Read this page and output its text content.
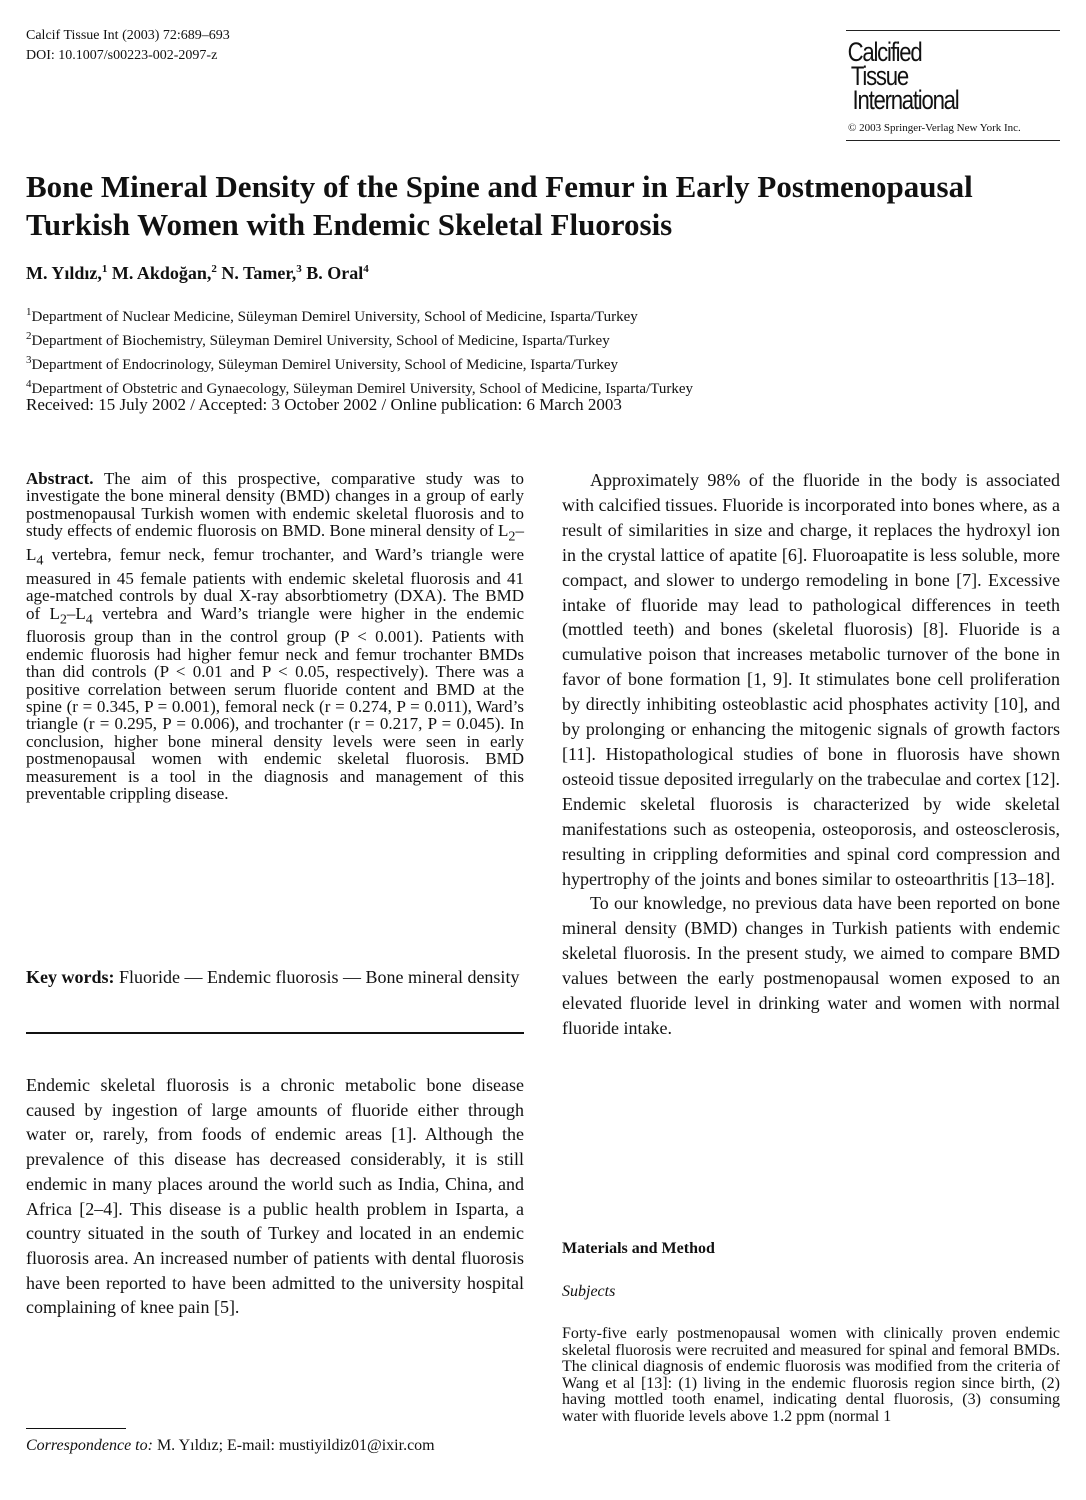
Calcif Tissue Int (2003) 72:689–693
DOI: 10.1007/s00223-002-2097-z	Calcified
Tissue
International
© 2003 Springer-Verlag New York Inc.
Bone Mineral Density of the Spine and Femur in Early Postmenopausal Turkish Women with Endemic Skeletal Fluorosis
M. Yıldız,$^1$ M. Akdoğan,$^2$ N. Tamer,$^3$ B. Oral$^4$
$^1$Department of Nuclear Medicine, Süleyman Demirel University, School of Medicine, Isparta/Turkey
$^2$Department of Biochemistry, Süleyman Demirel University, School of Medicine, Isparta/Turkey
$^3$Department of Endocrinology, Süleyman Demirel University, School of Medicine, Isparta/Turkey
$^4$Department of Obstetric and Gynaecology, Süleyman Demirel University, School of Medicine, Isparta/Turkey
Received: 15 July 2002 / Accepted: 3 October 2002 / Online publication: 6 March 2003
Abstract. The aim of this prospective, comparative study was to investigate the bone mineral density (BMD) changes in a group of early postmenopausal Turkish women with endemic skeletal fluorosis and to study effects of endemic fluorosis on BMD. Bone mineral density of $L_2-L_4$ vertebra, femur neck, femur trochanter, and Ward’s triangle were measured in 45 female patients with endemic skeletal fluorosis and 41 age-matched controls by dual X-ray absorbtiometry (DXA). The BMD of $L_2-L_4$ vertebra and Ward’s triangle were higher in the endemic fluorosis group than in the control group (P < 0.001). Patients with endemic fluorosis had higher femur neck and femur trochanter BMDs than did controls (P < 0.01 and P < 0.05, respectively). There was a positive correlation between serum fluoride content and BMD at the spine (r = 0.345, P = 0.001), femoral neck (r = 0.274, P = 0.011), Ward’s triangle (r = 0.295, P = 0.006), and trochanter (r = 0.217, P = 0.045). In conclusion, higher bone mineral density levels were seen in early postmenopausal women with endemic skeletal fluorosis. BMD measurement is a tool in the diagnosis and management of this preventable crippling disease.
Key words: Fluoride — Endemic fluorosis — Bone mineral density

Endemic skeletal fluorosis is a chronic metabolic bone disease caused by ingestion of large amounts of fluoride either through water or, rarely, from foods of endemic areas [1]. Although the prevalence of this disease has decreased considerably, it is still endemic in many places around the world such as India, China, and Africa [2–4]. This disease is a public health problem in Isparta, a country situated in the south of Turkey and located in an endemic fluorosis area. An increased number of patients with dental fluorosis have been reported to have been admitted to the university hospital complaining of knee pain [5].

Correspondence to: M. Yıldız; E-mail: mustiyildiz01@ixir.com

Approximately 98% of the fluoride in the body is associated with calcified tissues. Fluoride is incorporated into bones where, as a result of similarities in size and charge, it replaces the hydroxyl ion in the crystal lattice of apatite [6]. Fluoroapatite is less soluble, more compact, and slower to undergo remodeling in bone [7]. Excessive intake of fluoride may lead to pathological differences in teeth (mottled teeth) and bones (skeletal fluorosis) [8]. Fluoride is a cumulative poison that increases metabolic turnover of the bone in favor of bone formation [1, 9]. It stimulates bone cell proliferation by directly inhibiting osteoblastic acid phosphates activity [10], and by prolonging or enhancing the mitogenic signals of growth factors [11]. Histopathological studies of bone in fluorosis have shown osteoid tissue deposited irregularly on the trabeculae and cortex [12]. Endemic skeletal fluorosis is characterized by wide skeletal manifestations such as osteopenia, osteoporosis, and osteosclerosis, resulting in crippling deformities and spinal cord compression and hypertrophy of the joints and bones similar to osteoarthritis [13–18].

To our knowledge, no previous data have been reported on bone mineral density (BMD) changes in Turkish patients with endemic skeletal fluorosis. In the present study, we aimed to compare BMD values between the early postmenopausal women exposed to an elevated fluoride level in drinking water and women with normal fluoride intake.

Materials and Method
Subjects
Forty-five early postmenopausal women with clinically proven endemic skeletal fluorosis were recruited and measured for spinal and femoral BMDs. The clinical diagnosis of endemic fluorosis was modified from the criteria of Wang et al [13]: (1) living in the endemic fluorosis region since birth, (2) having mottled tooth enamel, indicating dental fluorosis, (3) consuming water with fluoride levels above 1.2 ppm (normal 1
